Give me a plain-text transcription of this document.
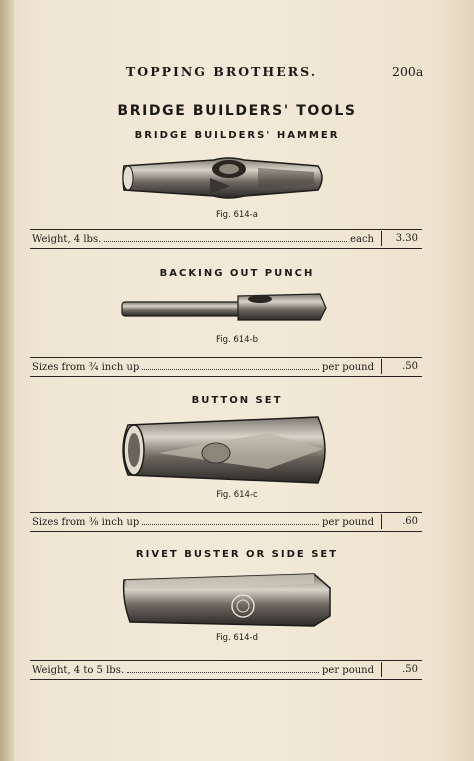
TOPPING BROTHERS.	200a
BRIDGE BUILDERS' TOOLS
BRIDGE BUILDERS' HAMMER
Fig. 614-a
Weight, 4 lbs.	each 3.30
BACKING OUT PUNCH
Fig. 614-b
Sizes from ¾ inch up	per pound	.50
BUTTON SET
Fig. 614-c
Sizes from ⅜ inch up	per pound	.60
RIVET BUSTER OR SIDE SET
Fig. 614-d
Weight, 4 to 5 lbs.	per pound	.50
